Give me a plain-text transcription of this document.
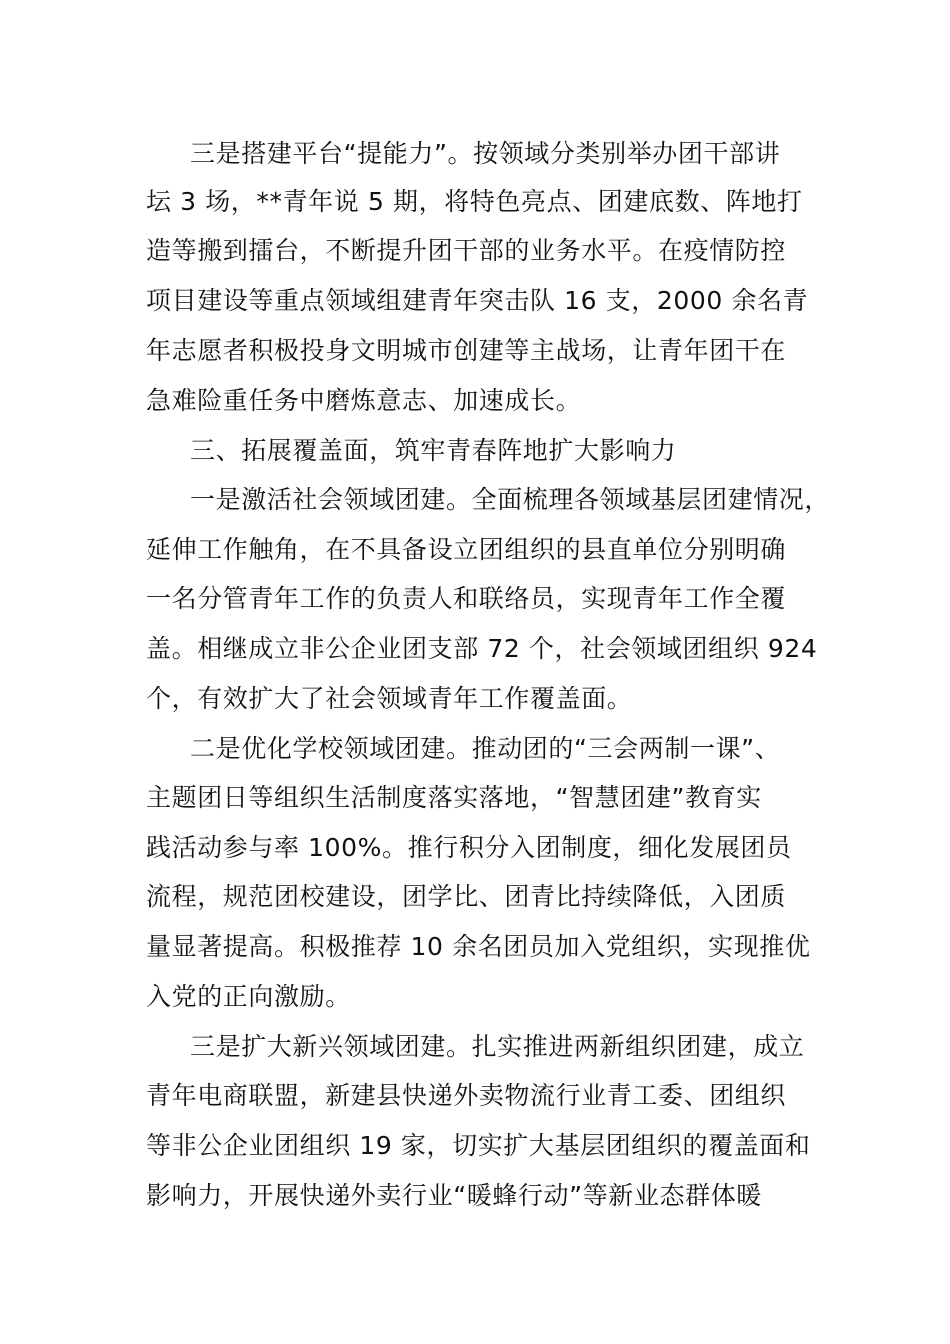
三是搭建平台“提能力”。按领域分类别举办团干部讲

坛 3 场，**青年说 5 期，将特色亮点、团建底数、阵地打

造等搬到擂台，不断提升团干部的业务水平。在疫情防控

项目建设等重点领域组建青年突击队 16 支，2000 余名青

年志愿者积极投身文明城市创建等主战场，让青年团干在

急难险重任务中磨炼意志、加速成长。

三、拓展覆盖面，筑牢青春阵地扩大影响力

一是激活社会领域团建。全面梳理各领域基层团建情况，

延伸工作触角，在不具备设立团组织的县直单位分别明确

一名分管青年工作的负责人和联络员，实现青年工作全覆

盖。相继成立非公企业团支部 72 个，社会领域团组织 924

个，有效扩大了社会领域青年工作覆盖面。

二是优化学校领域团建。推动团的“三会两制一课”、

主题团日等组织生活制度落实落地，“智慧团建”教育实

践活动参与率 100%。推行积分入团制度，细化发展团员

流程，规范团校建设，团学比、团青比持续降低，入团质

量显著提高。积极推荐 10 余名团员加入党组织，实现推优

入党的正向激励。

三是扩大新兴领域团建。扎实推进两新组织团建，成立

青年电商联盟，新建县快递外卖物流行业青工委、团组织

等非公企业团组织 19 家，切实扩大基层团组织的覆盖面和

影响力，开展快递外卖行业“暖蜂行动”等新业态群体暖
